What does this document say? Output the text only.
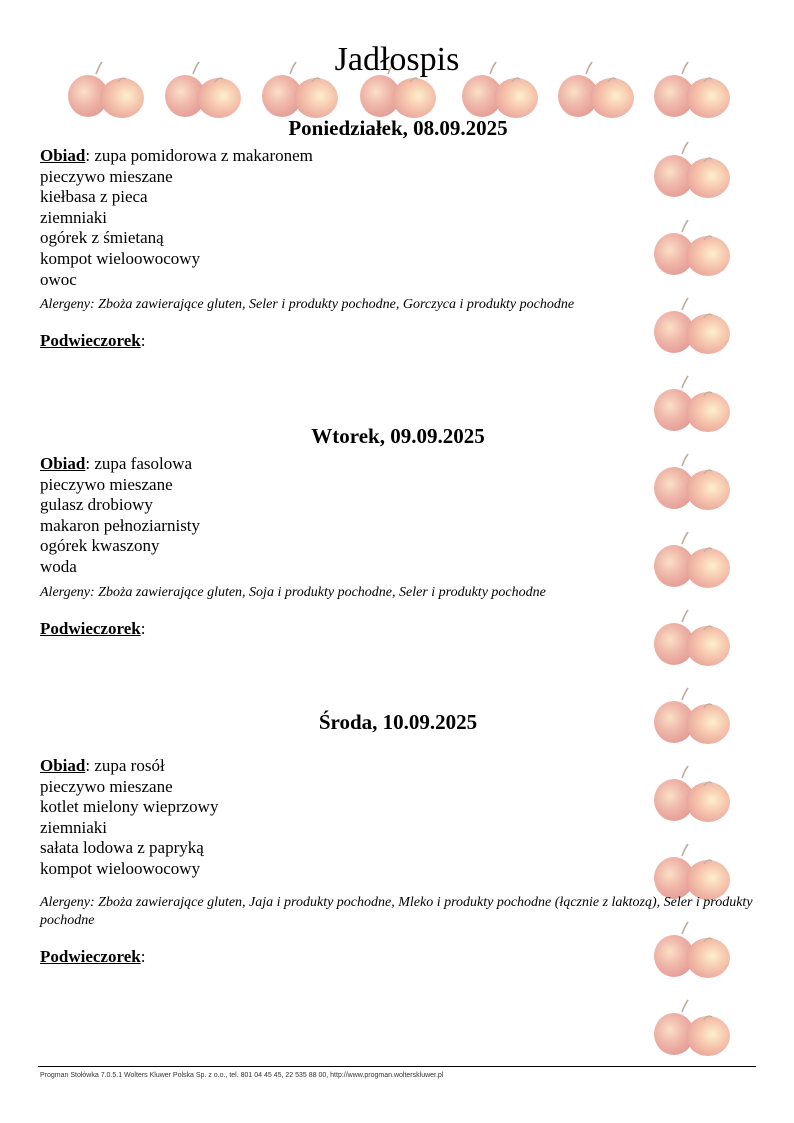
Jadłospis
Poniedziałek, 08.09.2025
Obiad: zupa pomidorowa z makaronem
pieczywo mieszane
kiełbasa z pieca
ziemniaki
ogórek z śmietaną
kompot wieloowocowy
owoc
Alergeny: Zboża zawierające gluten, Seler i produkty pochodne, Gorczyca i produkty pochodne
Podwieczorek:
Wtorek, 09.09.2025
Obiad: zupa fasolowa
pieczywo mieszane
gulasz drobiowy
makaron pełnoziarnisty
ogórek kwaszony
woda
Alergeny: Zboża zawierające gluten, Soja i produkty pochodne, Seler i produkty pochodne
Podwieczorek:
Środa, 10.09.2025
Obiad: zupa rosół
pieczywo mieszane
kotlet mielony wieprzowy
ziemniaki
sałata lodowa z papryką
kompot wieloowocowy
Alergeny: Zboża zawierające gluten, Jaja i produkty pochodne, Mleko i produkty pochodne (łącznie z laktozą), Seler i produkty pochodne
Podwieczorek:
Progman Stołówka 7.0.5.1 Wolters Kluwer Polska Sp. z o.o., tel. 801 04 45 45, 22 535 88 00, http://www.progman.wolterskluwer.pl
